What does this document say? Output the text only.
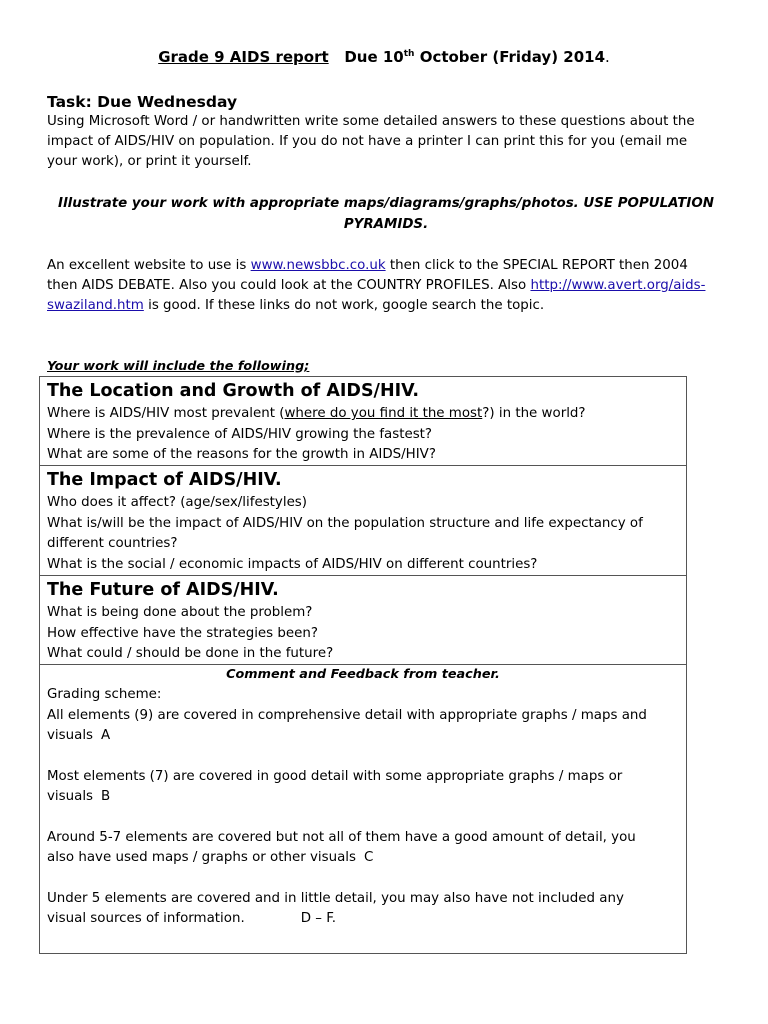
Grade 9 AIDS report Due 10th October (Friday) 2014.
Task: Due Wednesday
Using Microsoft Word / or handwritten write some detailed answers to these questions about the impact of AIDS/HIV on population. If you do not have a printer I can print this for you (email me your work), or print it yourself.
Illustrate your work with appropriate maps/diagrams/graphs/photos. USE POPULATION PYRAMIDS.
An excellent website to use is www.newsbbc.co.uk then click to the SPECIAL REPORT then 2004 then AIDS DEBATE. Also you could look at the COUNTRY PROFILES. Also http://www.avert.org/aids-swaziland.htm is good. If these links do not work, google search the topic.
Your work will include the following;
The Location and Growth of AIDS/HIV.
Where is AIDS/HIV most prevalent (where do you find it the most?) in the world?
Where is the prevalence of AIDS/HIV growing the fastest?
What are some of the reasons for the growth in AIDS/HIV?
The Impact of AIDS/HIV.
Who does it affect? (age/sex/lifestyles)
What is/will be the impact of AIDS/HIV on the population structure and life expectancy of different countries?
What is the social / economic impacts of AIDS/HIV on different countries?
The Future of AIDS/HIV.
What is being done about the problem?
How effective have the strategies been?
What could / should be done in the future?
Comment and Feedback from teacher.
Grading scheme:
All elements (9) are covered in comprehensive detail with appropriate graphs / maps and visuals A
Most elements (7) are covered in good detail with some appropriate graphs / maps or visuals B
Around 5-7 elements are covered but not all of them have a good amount of detail, you also have used maps / graphs or other visuals C
Under 5 elements are covered and in little detail, you may also have not included any visual sources of information.	D – F.
